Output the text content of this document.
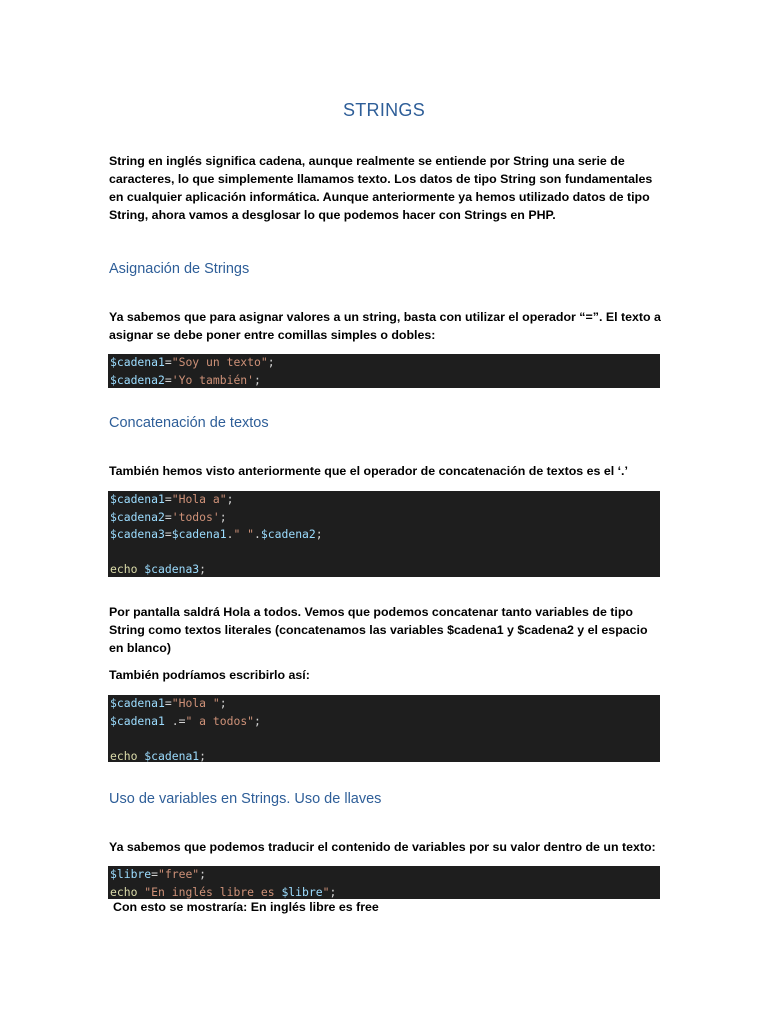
STRINGS
String en inglés significa cadena, aunque realmente se entiende por String una serie de caracteres, lo que simplemente llamamos texto. Los datos de tipo String son fundamentales en cualquier aplicación informática. Aunque anteriormente ya hemos utilizado datos de tipo String, ahora vamos a desglosar lo que podemos hacer con Strings en PHP.
Asignación de Strings
Ya sabemos que para asignar valores a un string, basta con utilizar el operador “=”. El texto a asignar se debe poner entre comillas simples o dobles:
$cadena1="Soy un texto";
$cadena2='Yo también';
Concatenación de textos
También hemos visto anteriormente que el operador de concatenación de textos es el ‘.’
$cadena1="Hola a";
$cadena2='todos';
$cadena3=$cadena1." ".$cadena2;
echo $cadena3;
Por pantalla saldrá Hola a todos. Vemos que podemos concatenar tanto variables de tipo String como textos literales (concatenamos las variables $cadena1 y $cadena2 y el espacio en blanco)
También podríamos escribirlo así:
$cadena1="Hola ";
$cadena1 .=" a todos";
echo $cadena1;
Uso de variables en Strings. Uso de llaves
Ya sabemos que podemos traducir el contenido de variables por su valor dentro de un texto:
$libre="free";
echo "En inglés libre es $libre";
Con esto se mostraría: En inglés libre es free
